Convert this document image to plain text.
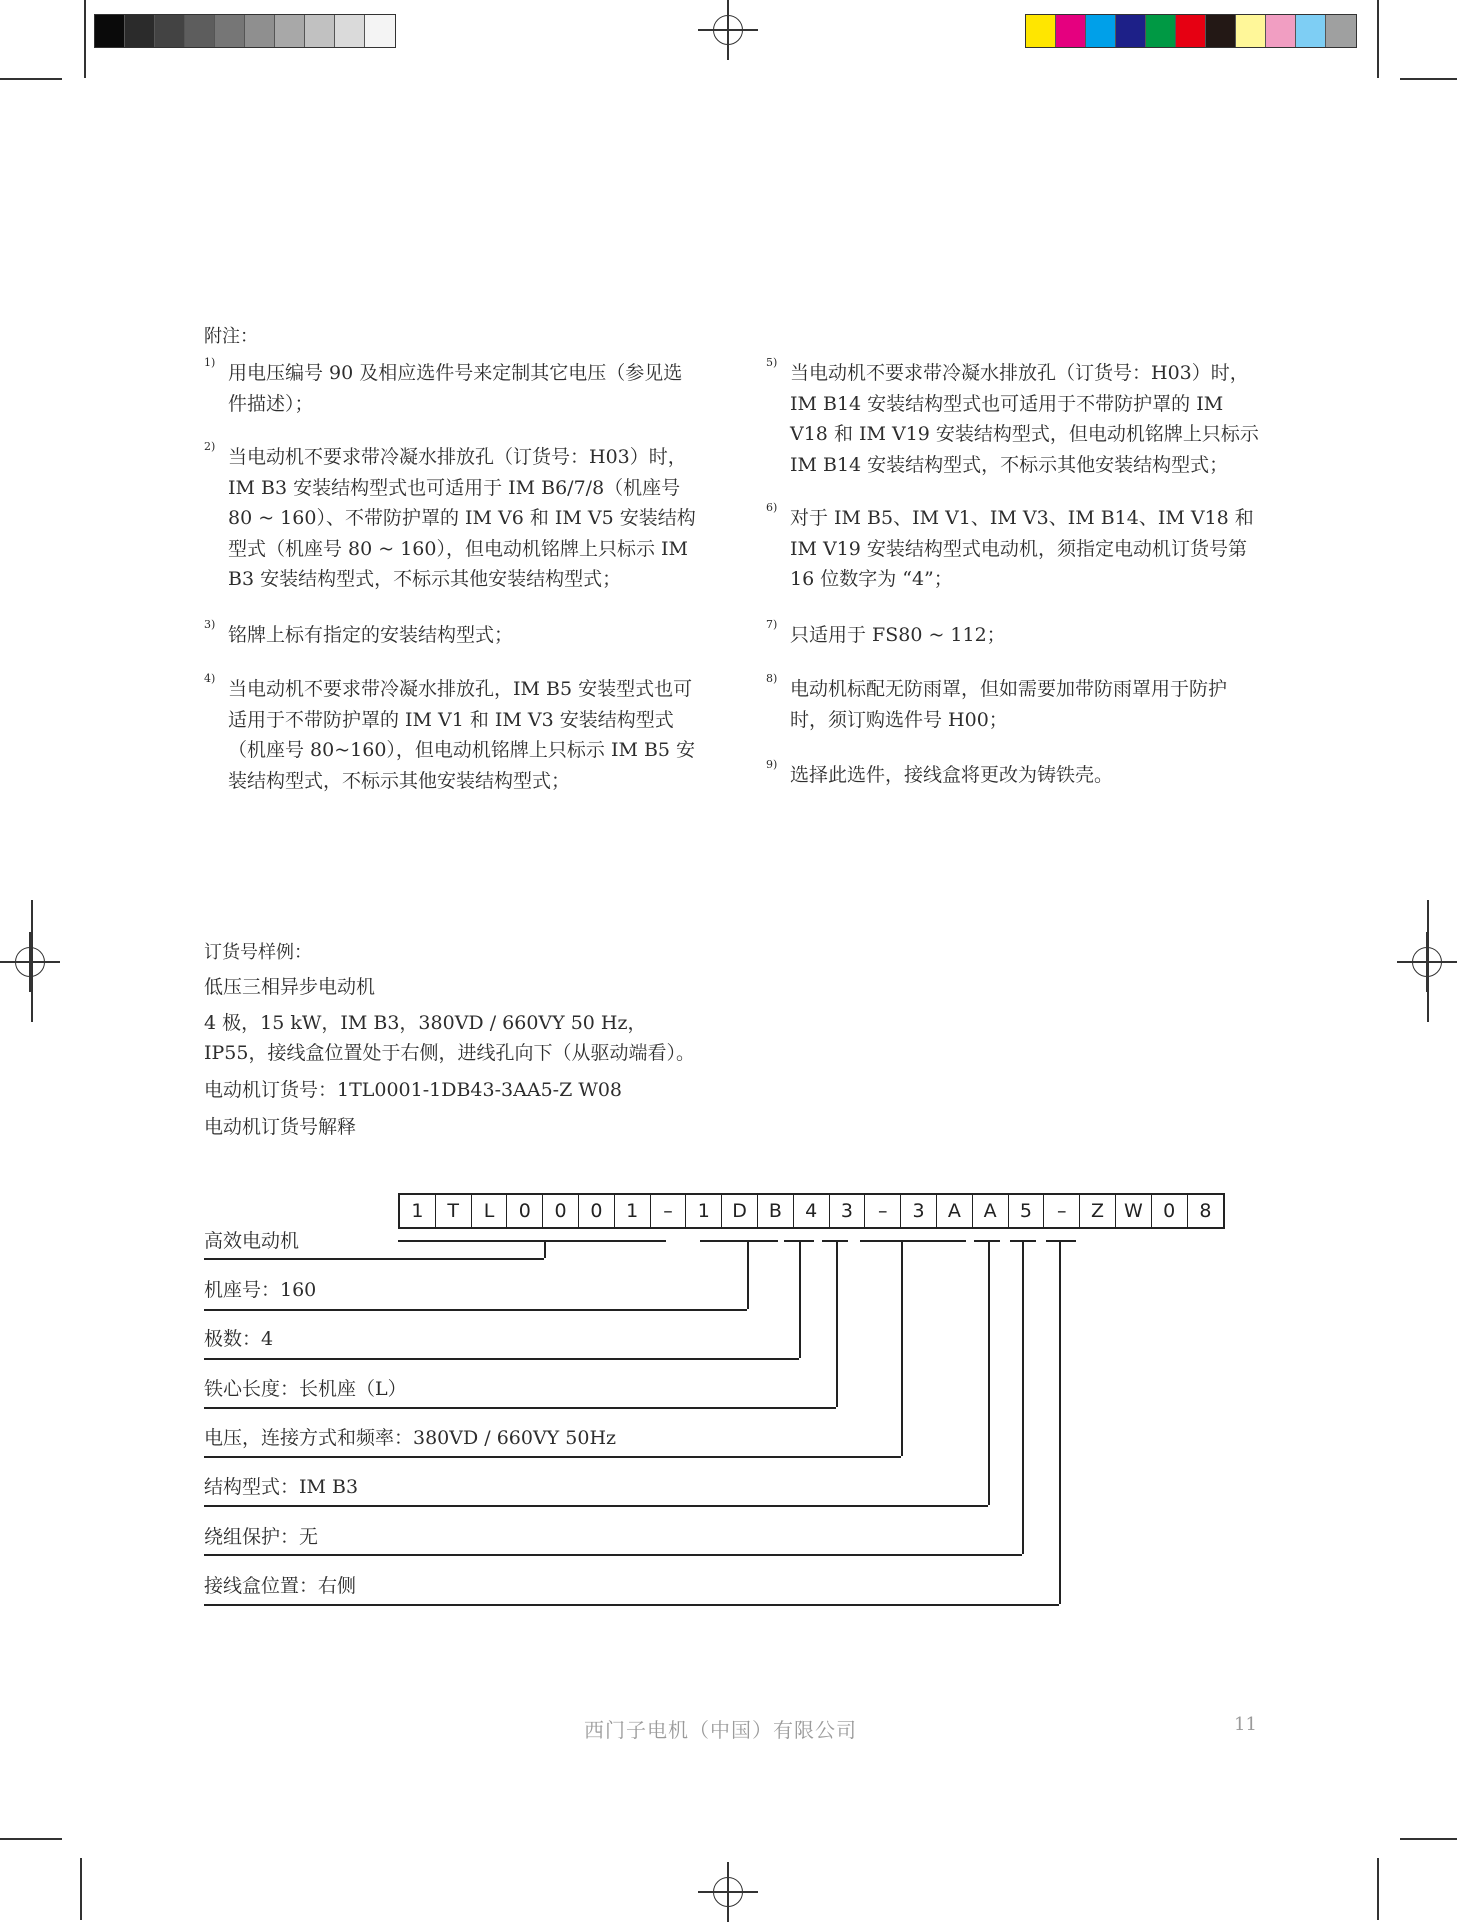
附注：
1) 用电压编号 90 及相应选件号来定制其它电压（参见选件描述）；
2) 当电动机不要求带冷凝水排放孔（订货号：H03）时，IM B3 安装结构型式也可适用于 IM B6/7/8（机座号 80 ~ 160）、不带防护罩的 IM V6 和 IM V5 安装结构型式（机座号 80 ~ 160），但电动机铭牌上只标示 IM B3 安装结构型式，不标示其他安装结构型式；
3) 铭牌上标有指定的安装结构型式；
4) 当电动机不要求带冷凝水排放孔，IM B5 安装型式也可适用于不带防护罩的 IM V1 和 IM V3 安装结构型式（机座号 80~160），但电动机铭牌上只标示 IM B5 安装结构型式，不标示其他安装结构型式；
5) 当电动机不要求带冷凝水排放孔（订货号：H03）时，IM B14 安装结构型式也可适用于不带防护罩的 IM V18 和 IM V19 安装结构型式，但电动机铭牌上只标示 IM B14 安装结构型式，不标示其他安装结构型式；
6) 对于 IM B5、IM V1、IM V3、IM B14、IM V18 和 IM V19 安装结构型式电动机，须指定电动机订货号第 16 位数字为 “4”；
7) 只适用于 FS80 ~ 112；
8) 电动机标配无防雨罩，但如需要加带防雨罩用于防护时，须订购选件号 H00；
9) 选择此选件，接线盒将更改为铸铁壳。
订货号样例：
低压三相异步电动机
4 极，15 kW，IM B3，380VD / 660VY 50 Hz，IP55，接线盒位置处于右侧，进线孔向下（从驱动端看）。
电动机订货号：1TL0001-1DB43-3AA5-Z W08
电动机订货号解释
1	T	L	0	0	0	1	–	1	D	B	4	3	–	3	A	A	5	–	Z	W	0	8
高效电动机
机座号：160
极数：4
铁心长度：长机座（L）
电压，连接方式和频率：380VD / 660VY 50Hz
结构型式：IM B3
绕组保护：无
接线盒位置：右侧
西门子电机（中国）有限公司	11
